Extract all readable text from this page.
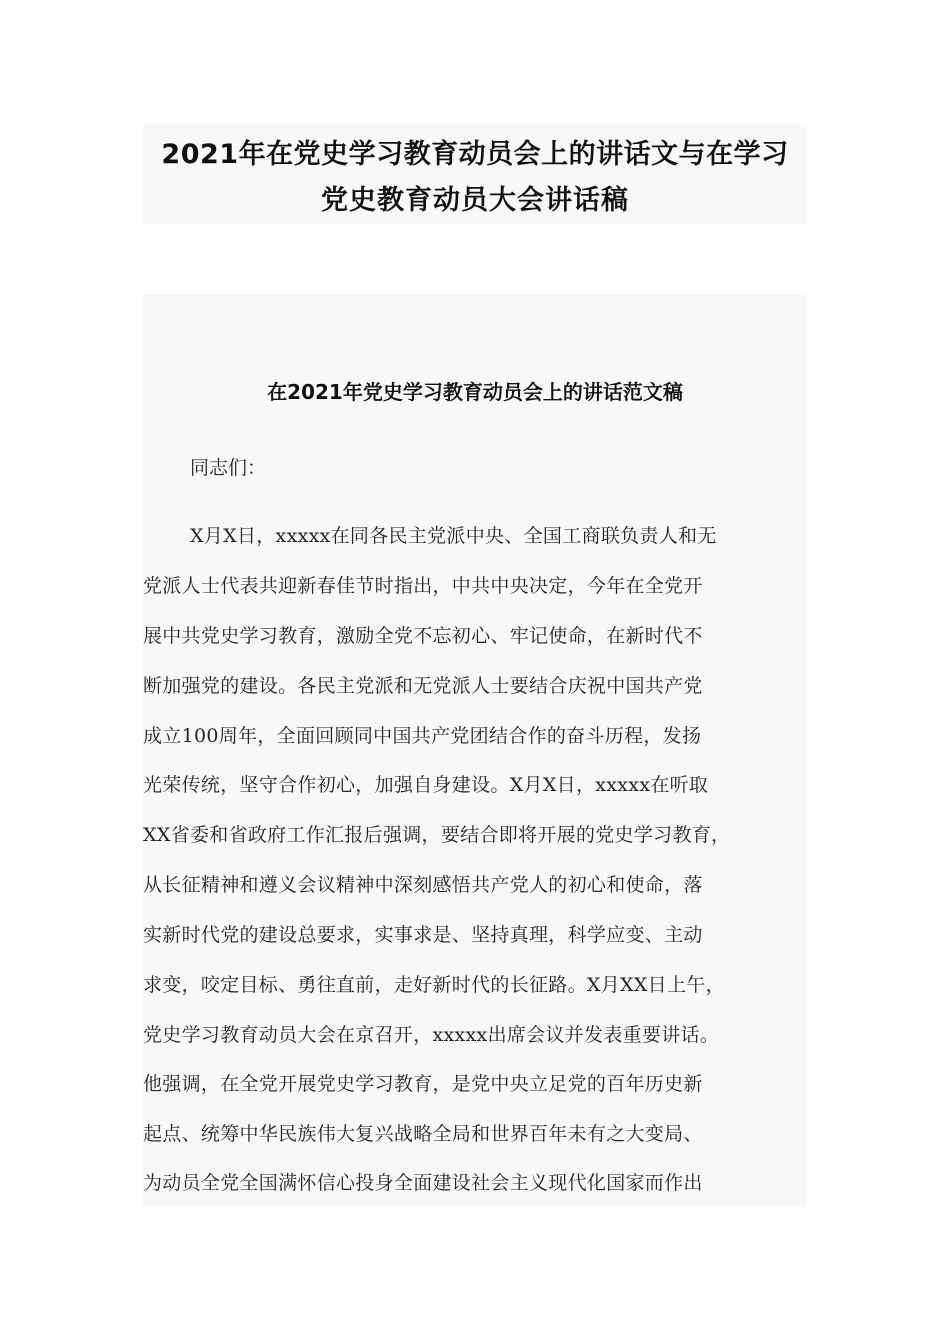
2021年在党史学习教育动员会上的讲话文与在学习
党史教育动员大会讲话稿
在2021年党史学习教育动员会上的讲话范文稿
同志们：
X月X日，xxxxx在同各民主党派中央、全国工商联负责人和无
党派人士代表共迎新春佳节时指出，中共中央决定，今年在全党开
展中共党史学习教育，激励全党不忘初心、牢记使命，在新时代不
断加强党的建设。各民主党派和无党派人士要结合庆祝中国共产党
成立100周年，全面回顾同中国共产党团结合作的奋斗历程，发扬
光荣传统，坚守合作初心，加强自身建设。X月X日，xxxxx在听取
XX省委和省政府工作汇报后强调，要结合即将开展的党史学习教育，
从长征精神和遵义会议精神中深刻感悟共产党人的初心和使命，落
实新时代党的建设总要求，实事求是、坚持真理，科学应变、主动
求变，咬定目标、勇往直前，走好新时代的长征路。X月XX日上午，
党史学习教育动员大会在京召开，xxxxx出席会议并发表重要讲话。
他强调，在全党开展党史学习教育，是党中央立足党的百年历史新
起点、统筹中华民族伟大复兴战略全局和世界百年未有之大变局、
为动员全党全国满怀信心投身全面建设社会主义现代化国家而作出
